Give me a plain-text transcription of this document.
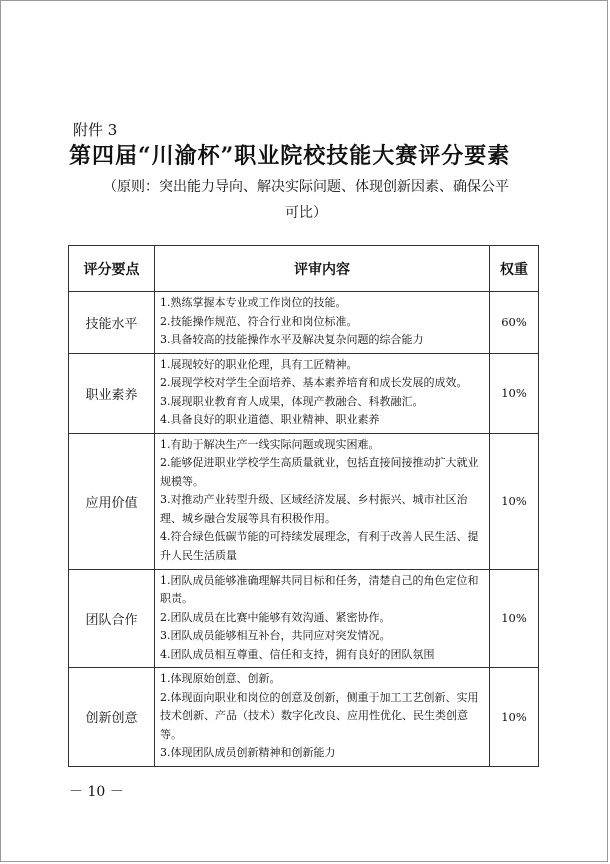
附件 3
第四届“川渝杯”职业院校技能大赛评分要素
（原则：突出能力导向、解决实际问题、体现创新因素、确保公平
可比）
评分要点	评审内容	权重
技能水平	1.熟练掌握本专业或工作岗位的技能。
2.技能操作规范、符合行业和岗位标准。
3.具备较高的技能操作水平及解决复杂问题的综合能力	60%
职业素养	1.展现较好的职业伦理，具有工匠精神。
2.展现学校对学生全面培养、基本素养培育和成长发展的成效。
3.展现职业教育育人成果，体现产教融合、科教融汇。
4.具备良好的职业道德、职业精神、职业素养	10%
应用价值	1.有助于解决生产一线实际问题或现实困难。
2.能够促进职业学校学生高质量就业，包括直接间接推动扩大就业规模等。
3.对推动产业转型升级、区域经济发展、乡村振兴、城市社区治理、城乡融合发展等具有积极作用。
4.符合绿色低碳节能的可持续发展理念，有利于改善人民生活、提升人民生活质量	10%
团队合作	1.团队成员能够准确理解共同目标和任务，清楚自己的角色定位和职责。
2.团队成员在比赛中能够有效沟通、紧密协作。
3.团队成员能够相互补台，共同应对突发情况。
4.团队成员相互尊重、信任和支持，拥有良好的团队氛围	10%
创新创意	1.体现原始创意、创新。
2.体现面向职业和岗位的创意及创新，侧重于加工工艺创新、实用技术创新、产品（技术）数字化改良、应用性优化、民生类创意等。
3.体现团队成员创新精神和创新能力	10%
－ 10 －
